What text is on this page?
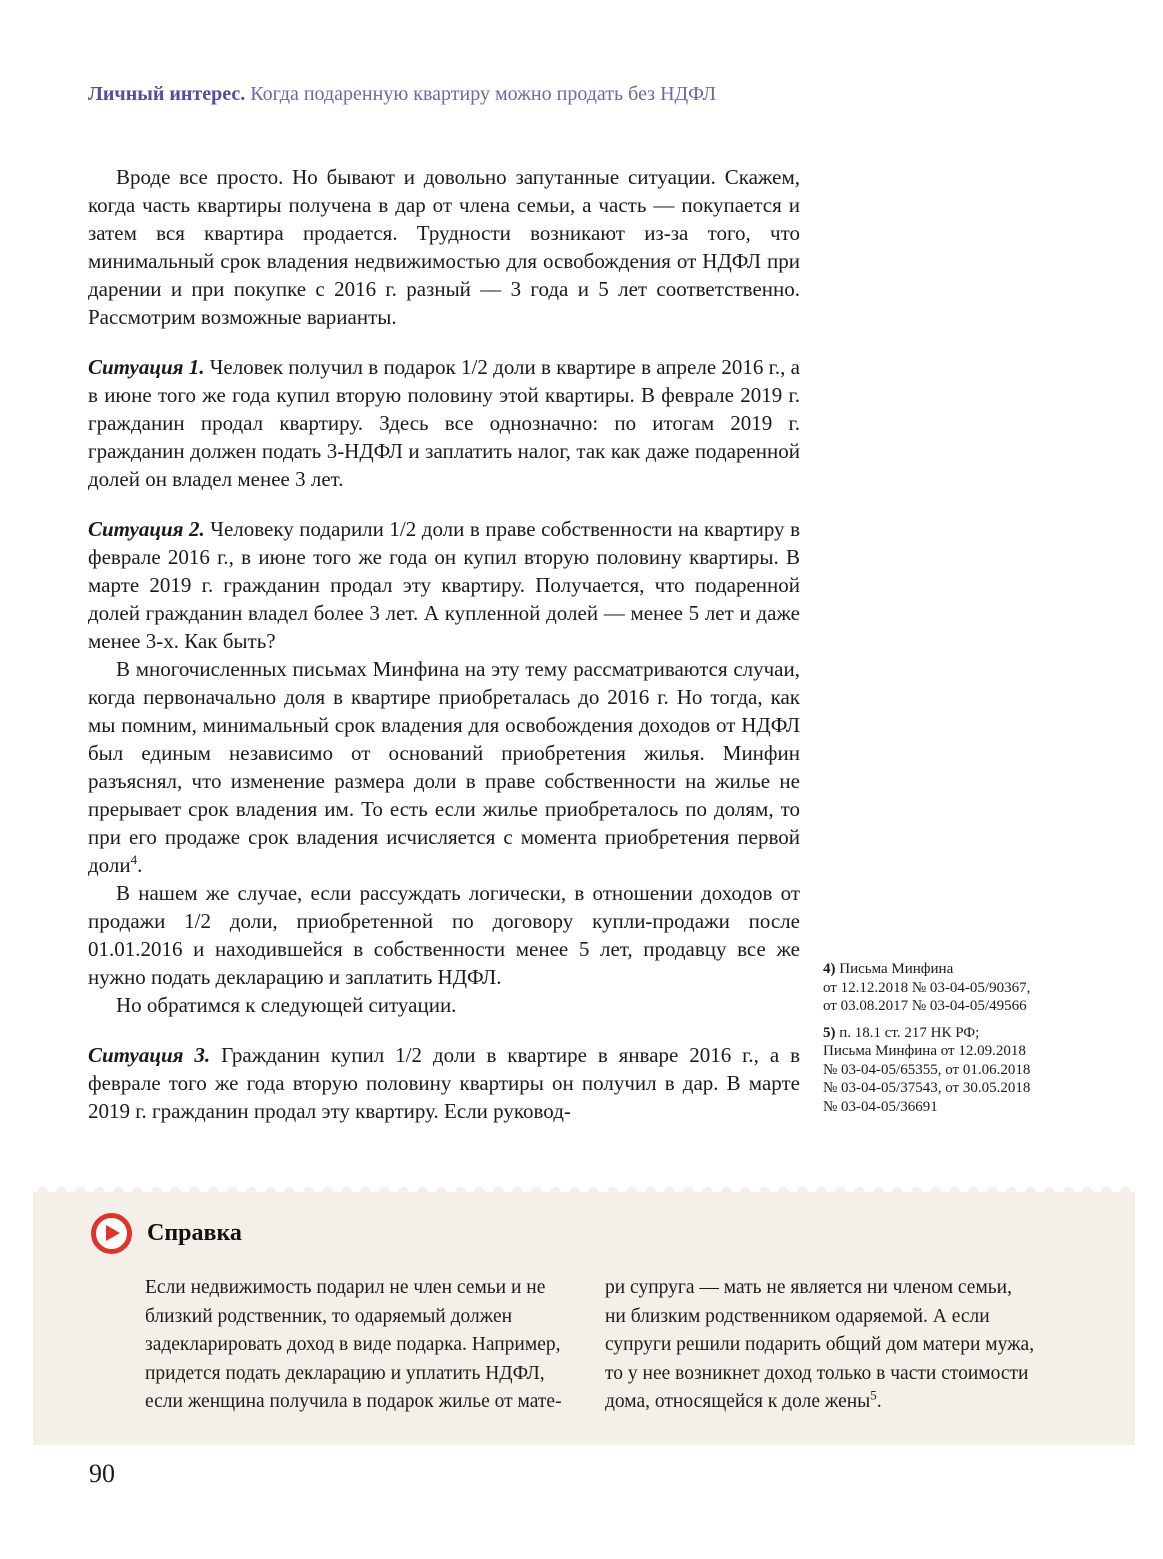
Личный интерес. Когда подаренную квартиру можно продать без НДФЛ

Вроде все просто. Но бывают и довольно запутанные ситуации. Скажем, когда часть квартиры получена в дар от члена семьи, а часть — покупается и затем вся квартира продается. Трудности возникают из-за того, что минимальный срок владения недвижимостью для освобождения от НДФЛ при дарении и при покупке с 2016 г. разный — 3 года и 5 лет соответственно. Рассмотрим возможные варианты.

Ситуация 1. Человек получил в подарок 1/2 доли в квартире в апреле 2016 г., а в июне того же года купил вторую половину этой квартиры. В феврале 2019 г. гражданин продал квартиру. Здесь все однозначно: по итогам 2019 г. гражданин должен подать 3-НДФЛ и заплатить налог, так как даже подаренной долей он владел менее 3 лет.

Ситуация 2. Человеку подарили 1/2 доли в праве собственности на квартиру в феврале 2016 г., в июне того же года он купил вторую половину квартиры. В марте 2019 г. гражданин продал эту квартиру. Получается, что подаренной долей гражданин владел более 3 лет. А купленной долей — менее 5 лет и даже менее 3-х. Как быть?

В многочисленных письмах Минфина на эту тему рассматриваются случаи, когда первоначально доля в квартире приобреталась до 2016 г. Но тогда, как мы помним, минимальный срок владения для освобождения доходов от НДФЛ был единым независимо от оснований приобретения жилья. Минфин разъяснял, что изменение размера доли в праве собственности на жилье не прерывает срок владения им. То есть если жилье приобреталось по долям, то при его продаже срок владения исчисляется с момента приобретения первой доли$^4$.

В нашем же случае, если рассуждать логически, в отношении доходов от продажи 1/2 доли, приобретенной по договору купли-продажи после 01.01.2016 и находившейся в собственности менее 5 лет, продавцу все же нужно подать декларацию и заплатить НДФЛ.

Но обратимся к следующей ситуации.

Ситуация 3. Гражданин купил 1/2 доли в квартире в январе 2016 г., а в феврале того же года вторую половину квартиры он получил в дар. В марте 2019 г. гражданин продал эту квартиру. Если руковод-

4) Письма Минфина
от 12.12.2018 № 03-04-05/90367,
от 03.08.2017 № 03-04-05/49566
5) п. 18.1 ст. 217 НК РФ;
Письма Минфина от 12.09.2018
№ 03-04-05/65355, от 01.06.2018
№ 03-04-05/37543, от 30.05.2018
№ 03-04-05/36691
Справка
Если недвижимость подарил не член семьи и не близкий родственник, то одаряемый должен задекларировать доход в виде подарка. Например, придется подать декларацию и уплатить НДФЛ, если женщина получила в подарок жилье от мате-
ри супруга — мать не является ни членом семьи, ни близким родственником одаряемой. А если супруги решили подарить общий дом матери мужа, то у нее возникнет доход только в части стоимости дома, относящейся к доле жены$^5$.
90
